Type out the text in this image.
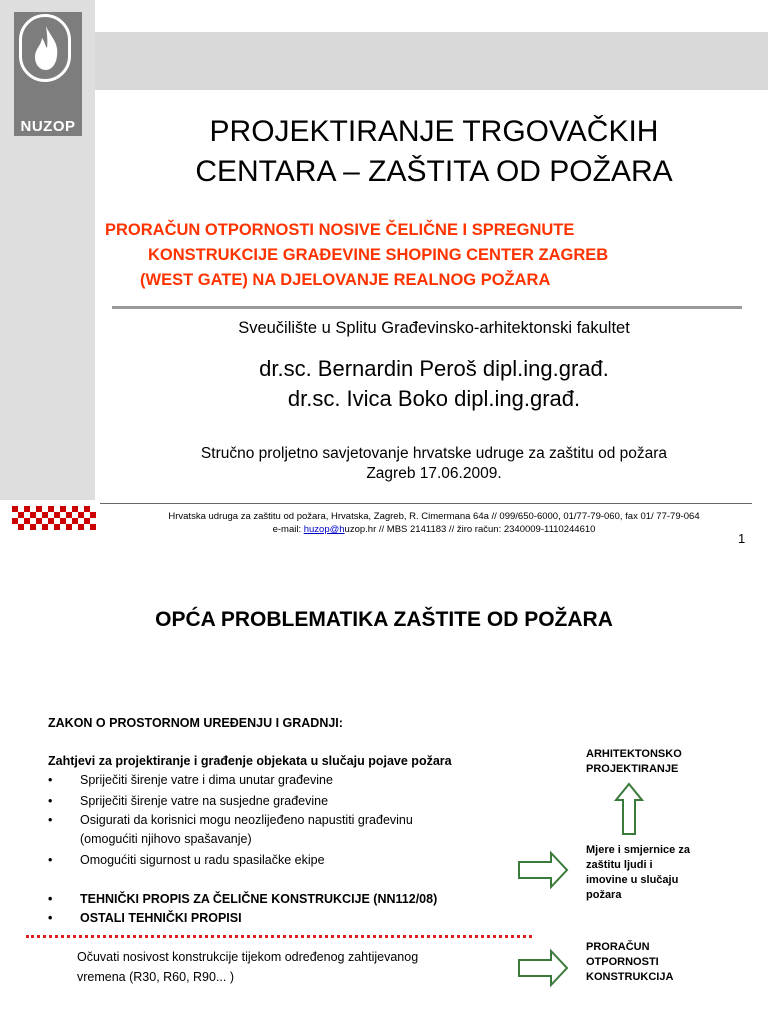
NUZOP	PROJEKTIRANJE TRGOVAČKIH
CENTARA – ZAŠTITA OD POŽARA
PRORAČUN OTPORNOSTI NOSIVE ČELIČNE I SPREGNUTE
KONSTRUKCIJE GRAĐEVINE SHOPING CENTER ZAGREB
(WEST GATE) NA DJELOVANJE REALNOG POŽARA
Sveučilište u Splitu Građevinsko-arhitektonski fakultet
dr.sc. Bernardin Peroš dipl.ing.građ.
dr.sc. Ivica Boko dipl.ing.građ.
Stručno proljetno savjetovanje hrvatske udruge za zaštitu od požara
Zagreb 17.06.2009.
Hrvatska udruga za zaštitu od požara, Hrvatska, Zagreb, R. Cimermana 64a // 099/650-6000, 01/77-79-060, fax 01/ 77-79-064
e-mail: huzop@huzop.hr // MBS 2141183 // žiro račun: 2340009-1110244610
1
OPĆA PROBLEMATIKA ZAŠTITE OD POŽARA
ZAKON O PROSTORNOM UREĐENJU I GRADNJI:
Zahtjevi za projektiranje i građenje objekata u slučaju pojave požara
• Spriječiti širenje vatre i dima unutar građevine
• Spriječiti širenje vatre na susjedne građevine
• Osigurati da korisnici mogu neozlijeđeno napustiti građevinu
(omogućiti njihovo spašavanje)
• Omogućiti sigurnost u radu spasilačke ekipe
• TEHNIČKI PROPIS ZA ČELIČNE KONSTRUKCIJE (NN112/08)
• OSTALI TEHNIČKI PROPISI
Očuvati nosivost konstrukcije tijekom određenog zahtijevanog
vremena (R30, R60, R90... )
ARHITEKTONSKO
PROJEKTIRANJE
Mjere i smjernice za
zaštitu ljudi i
imovine u slučaju
požara
PRORAČUN
OTPORNOSTI
KONSTRUKCIJA
